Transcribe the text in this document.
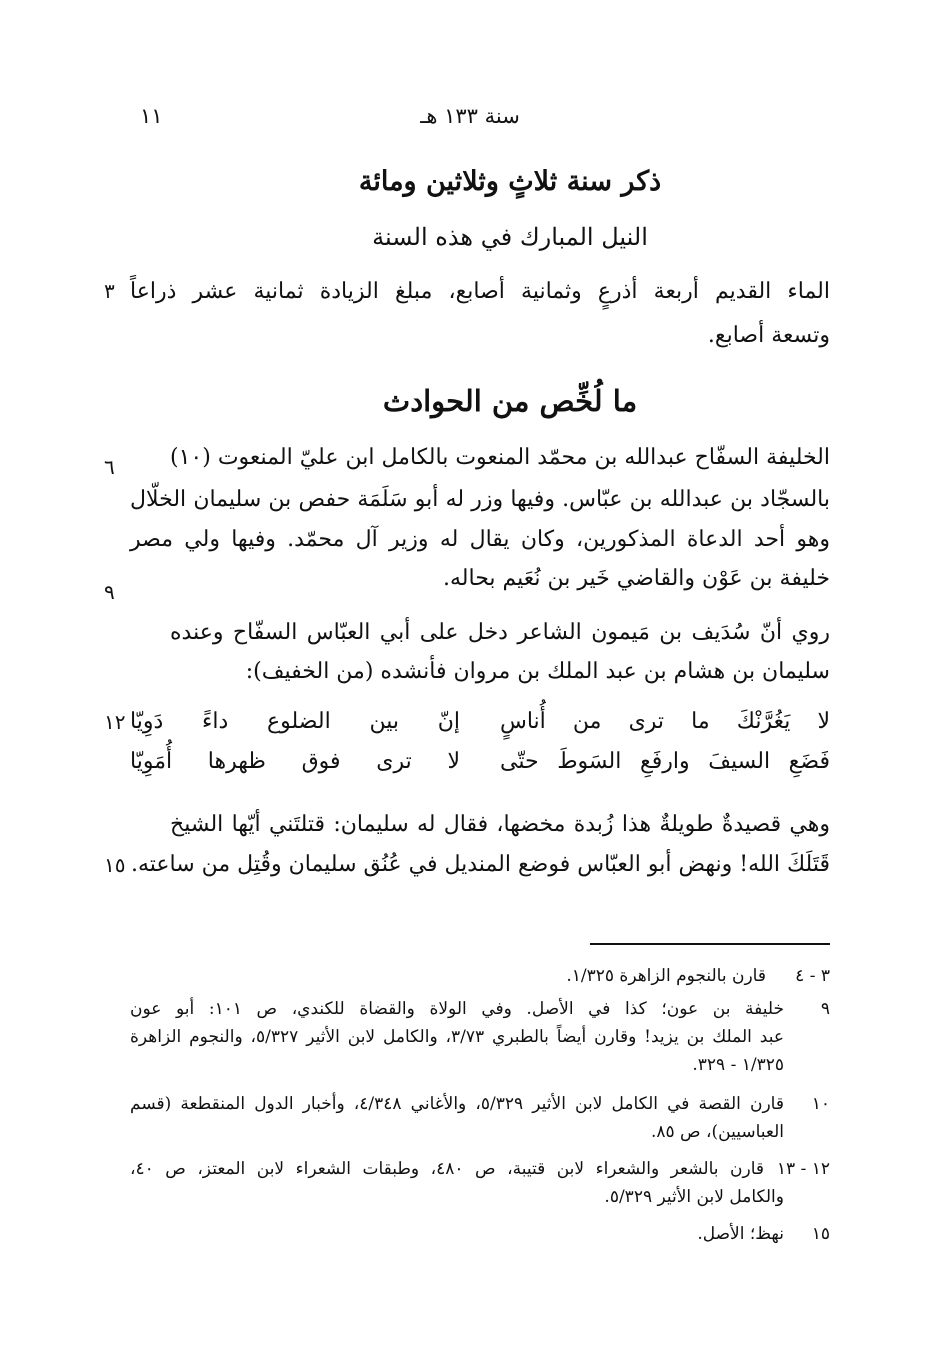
سنة ١٣٣ هـ
١١
ذكر سنة ثلاثٍ وثلاثين ومائة
النيل المبارك في هذه السنة
الماء القديم أربعة أذرعٍ وثمانية أصابع، مبلغ الزيادة ثمانية عشر ذراعاً
وتسعة أصابع.
٣
ما لُخِّص من الحوادث
الخليفة السفّاح عبدالله بن محمّد المنعوت بالكامل ابن عليّ المنعوت (١٠)
بالسجّاد بن عبدالله بن عبّاس. وفيها وزر له أبو سَلَمَة حفص بن سليمان الخلّال
وهو أحد الدعاة المذكورين، وكان يقال له وزير آل محمّد. وفيها ولي مصر
خليفة بن عَوْن والقاضي خَير بن نُعَيم بحاله.
٦
٩
روي أنّ سُدَيف بن مَيمون الشاعر دخل على أبي العبّاس السفّاح وعنده
سليمان بن هشام بن عبد الملك بن مروان فأنشده (من الخفيف):
لا يَغُرَّنْكَ ما ترى من أُناسٍ
إنّ بين الضلوع داءً دَوِيّا
فَضَعِ السيفَ وارفَعِ السَوطَ حتّى
لا ترى فوق ظهرها أُمَوِيّا
١٢
وهي قصيدةٌ طويلةٌ هذا زُبدة مخضها، فقال له سليمان: قتلتَني أيّها الشيخ
قَتَلَكَ الله! ونهض أبو العبّاس فوضع المنديل في عُنُق سليمان وقُتِل من ساعته.
١٥
٣ - ٤
قارن بالنجوم الزاهرة ١/٣٢٥.
٩
خليفة بن عون؛ كذا في الأصل. وفي الولاة والقضاة للكندي، ص ١٠١: أبو عون
عبد الملك بن يزيد! وقارن أيضاً بالطبري ٣/٧٣، والكامل لابن الأثير ٥/٣٢٧، والنجوم الزاهرة
١/٣٢٥ - ٣٢٩.
١٠
قارن القصة في الكامل لابن الأثير ٥/٣٢٩، والأغاني ٤/٣٤٨، وأخبار الدول المنقطعة (قسم
العباسيين)، ص ٨٥.
١٢ - ١٣
قارن بالشعر والشعراء لابن قتيبة، ص ٤٨٠، وطبقات الشعراء لابن المعتز، ص ٤٠،
والكامل لابن الأثير ٥/٣٢٩.
١٥
نهظ؛ الأصل.
